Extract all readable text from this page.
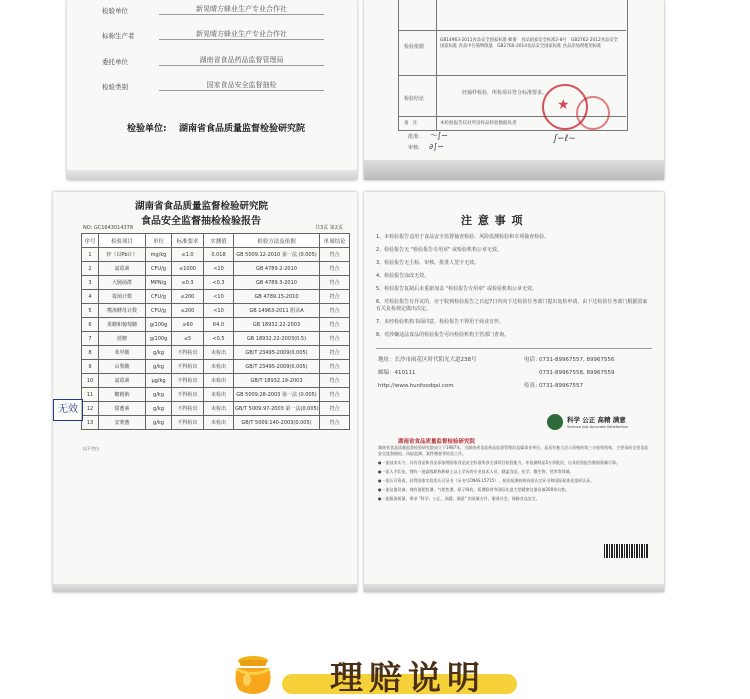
检验单位	新晃晴方蜂业生产专业合作社
标称生产者	新晃晴方蜂业生产专业合作社
委托单位	湖南省食品药品监督管理局
检验类别	国家食品安全监督抽检
检验单位: 湖南省食品质量监督检验研究院
检验依据
GB14963-2011食品安全国家标准 蜂蜜　食品国家安全标准2-8号　GB2762-2012食品安全国家标准 食品中污染物限量　GB2760-2014食品安全国家标准 食品添加剂使用标准
检验结论
经抽样检验，所检项目符合标准要求。
备　注	本检验报告仅对所送样品检验数据负责
批准:
审核:
〜∫∽
∂∫∽
ʃ∽ℓ∼
★
湖南省食品质量监督检验研究院
食品安全监督抽检检验报告
NO: GC1643014378	共3页 第2页
序号	检验项目	单位	标准要求	实测值	检验方法及依据	单项结论
1	锌（以Pb计）	mg/kg	≤1.0	0.018	GB 5009.12-2010 第一法 (0.005)	符合
2	氯霉素	CFU/g	≤1000	<10	GB 4789.2-2010	符合
3	大肠菌群	MPN/g	≤0.3	<0.3	GB 4789.3-2010	符合
4	霉菌计数	CFU/g	≤200	<10	GB 4789.15-2010	符合
5	嗜渗酵母计数	CFU/g	≤200	<10	GB 14963-2011 附录A	符合
6	果糖和葡萄糖	g/100g	≥60	64.0	GB 18932.22-2003	符合
7	蔗糖	g/100g	≤5	<0.5	GB 18932.22-2003(0.5)	符合
8	苯甲酸	g/kg	不得检出	未检出	GB/T 23495-2009(0.005)	符合
9	山梨酸	g/kg	不得检出	未检出	GB/T 23495-2009(0.005)	符合
10	氯霉素	μg/kg	不得检出	未检出	GB/T 18932.19-2003	符合
11	糖精钠	g/kg	不得检出	未检出	GB 5009.28-2003 第一法 (0.005)	符合
12	甜蜜素	g/kg	不得检出	未检出	GB/T 5009.97-2003 第一法(0.005)	符合
13	安赛蜜	g/kg	不得检出	未检出	GB/T 5009.140-2003(0.005)	符合
以下空白
无效
注 意 事 项
1、本检验报告适用于食品安全监督抽查检验、风险监测检验和专项抽查检验。
2、检验报告无 "检验报告专用章" 或检验机构公章无效。
3、检验报告无主检、审核、批准人签字无效。
4、检验报告涂改无效。
5、检验报告复制后未重新加盖 "检验报告专用章" 或检验机构公章无效。
6、对检验报告有异议的，应于收到检验报告之日起7日内向下达检验任务部门提出复检申请，由下达检验任务部门根据国家有关复检规定做出决定。
7、未经检验机构书面同意，检验报告不得用于商业宣传。
8、对涉嫌违法食品的检验报告可向检验机构主管部门查询。
地址：长沙市雨花区时代阳光大道238号
邮编：410111
http://www.hunfoodqsi.com
电话：
0731-89967557, 89967556
0731-89967558, 89967559
传真：
0731-89967557
科学 公正 高精 满意
Science Just Accurate Satisfaction
湖南省食品质量监督检验研究院
湖南省食品质量监督检验研究院成立于1987年，为湖南省食品药品监督管理局直属事业单位，是具有独立法人资格的第三方检验机构，主要承担全省食品安全监督抽检、风险监测、案件稽查等检验工作。
●一流技术实力，具有食品和食品添加剂国家食品安全标准所涉全部项目检验能力，年检测样品5万余批次，出具检验报告数据准确可靠。
●一流人才队伍，拥有一批高级职称和硕士以上学历的专业技术人员，涵盖食品、化学、微生物、营养等领域。
●一流认可资质，获得国家实验室认可证书（证书号CNAS L5715）、检验检测机构资质认定证书和国际标准化组织认证。
●一流仪器设备，拥有液相色谱、气相色谱、原子吸收、质谱联用等国际先进大型精密仪器设备200余台套。
●一流服务质量，秉承 "科学、公正、高精、满意" 的质量方针，服务社会，保障食品安全。
理赔说明
